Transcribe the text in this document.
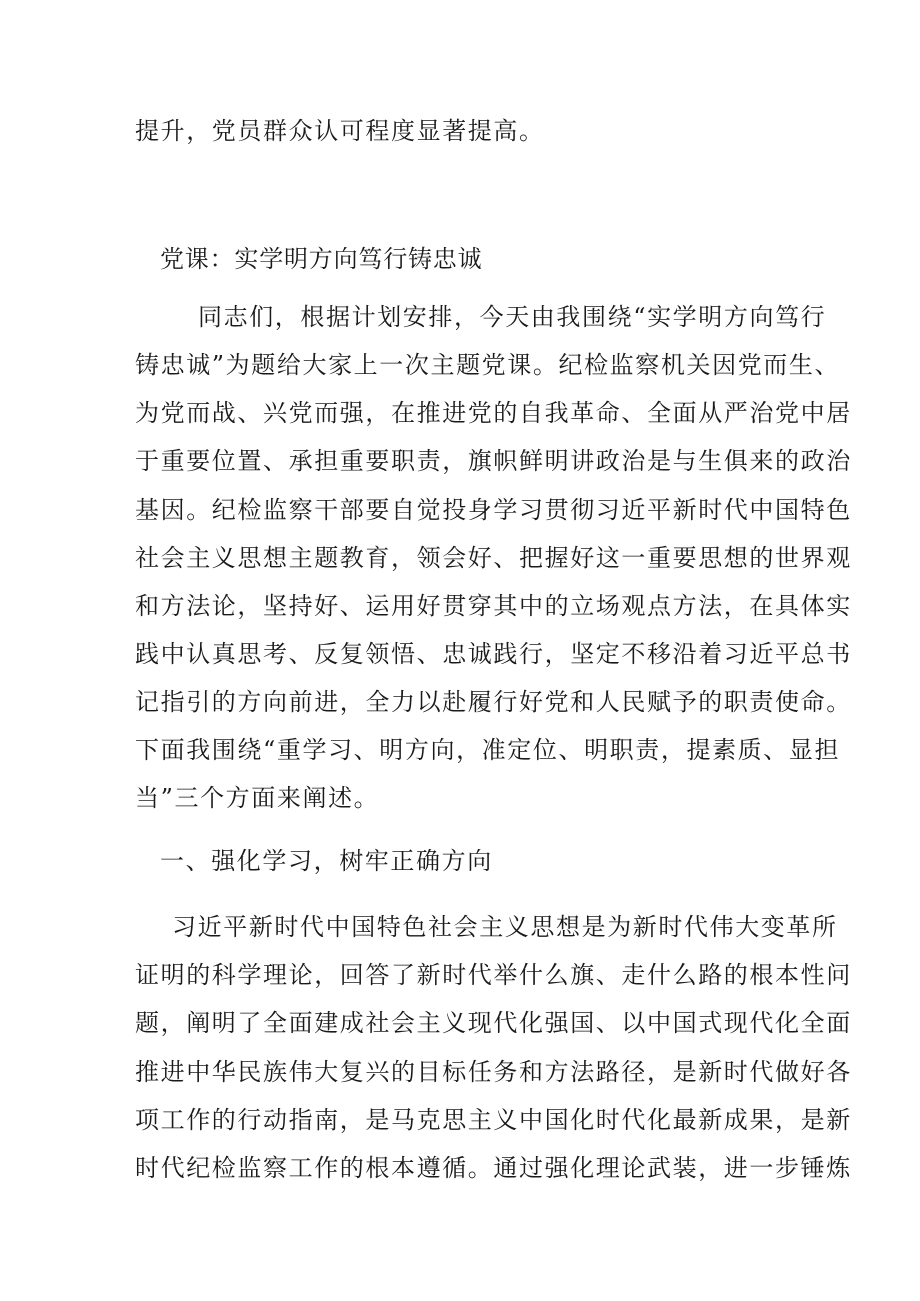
提升，党员群众认可程度显著提高。
党课：实学明方向笃行铸忠诚
同志们，根据计划安排，今天由我围绕“实学明方向笃行
铸忠诚”为题给大家上一次主题党课。纪检监察机关因党而生、
为党而战、兴党而强，在推进党的自我革命、全面从严治党中居
于重要位置、承担重要职责，旗帜鲜明讲政治是与生俱来的政治
基因。纪检监察干部要自觉投身学习贯彻习近平新时代中国特色
社会主义思想主题教育，领会好、把握好这一重要思想的世界观
和方法论，坚持好、运用好贯穿其中的立场观点方法，在具体实
践中认真思考、反复领悟、忠诚践行，坚定不移沿着习近平总书
记指引的方向前进，全力以赴履行好党和人民赋予的职责使命。
下面我围绕“重学习、明方向，准定位、明职责，提素质、显担
当”三个方面来阐述。
一、强化学习，树牢正确方向
习近平新时代中国特色社会主义思想是为新时代伟大变革所
证明的科学理论，回答了新时代举什么旗、走什么路的根本性问
题，阐明了全面建成社会主义现代化强国、以中国式现代化全面
推进中华民族伟大复兴的目标任务和方法路径，是新时代做好各
项工作的行动指南，是马克思主义中国化时代化最新成果，是新
时代纪检监察工作的根本遵循。通过强化理论武装，进一步锤炼
